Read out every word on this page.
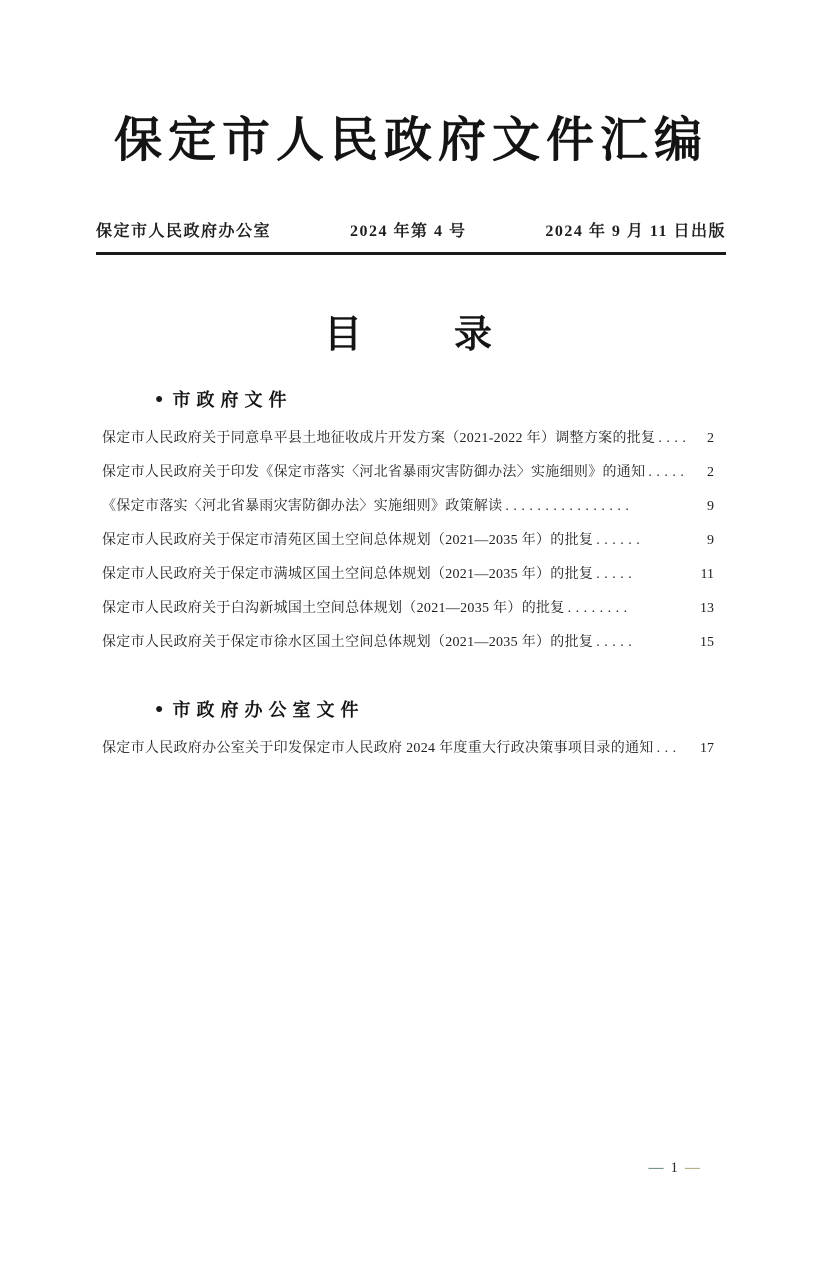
保定市人民政府文件汇编
保定市人民政府办公室	2024 年第 4 号	2024 年 9 月 11 日出版
目 录
● 市政府文件
保定市人民政府关于同意阜平县土地征收成片开发方案（2021-2022 年）调整方案的批复 ....	2
保定市人民政府关于印发《保定市落实〈河北省暴雨灾害防御办法〉实施细则》的通知 .....	2
《保定市落实〈河北省暴雨灾害防御办法〉实施细则》政策解读 ................	9
保定市人民政府关于保定市清苑区国土空间总体规划（2021—2035 年）的批复 ......	9
保定市人民政府关于保定市满城区国土空间总体规划（2021—2035 年）的批复 .....	11
保定市人民政府关于白沟新城国土空间总体规划（2021—2035 年）的批复 ........	13
保定市人民政府关于保定市徐水区国土空间总体规划（2021—2035 年）的批复 .....	15
● 市政府办公室文件
保定市人民政府办公室关于印发保定市人民政府 2024 年度重大行政决策事项目录的通知 ...	17
— 1 —
